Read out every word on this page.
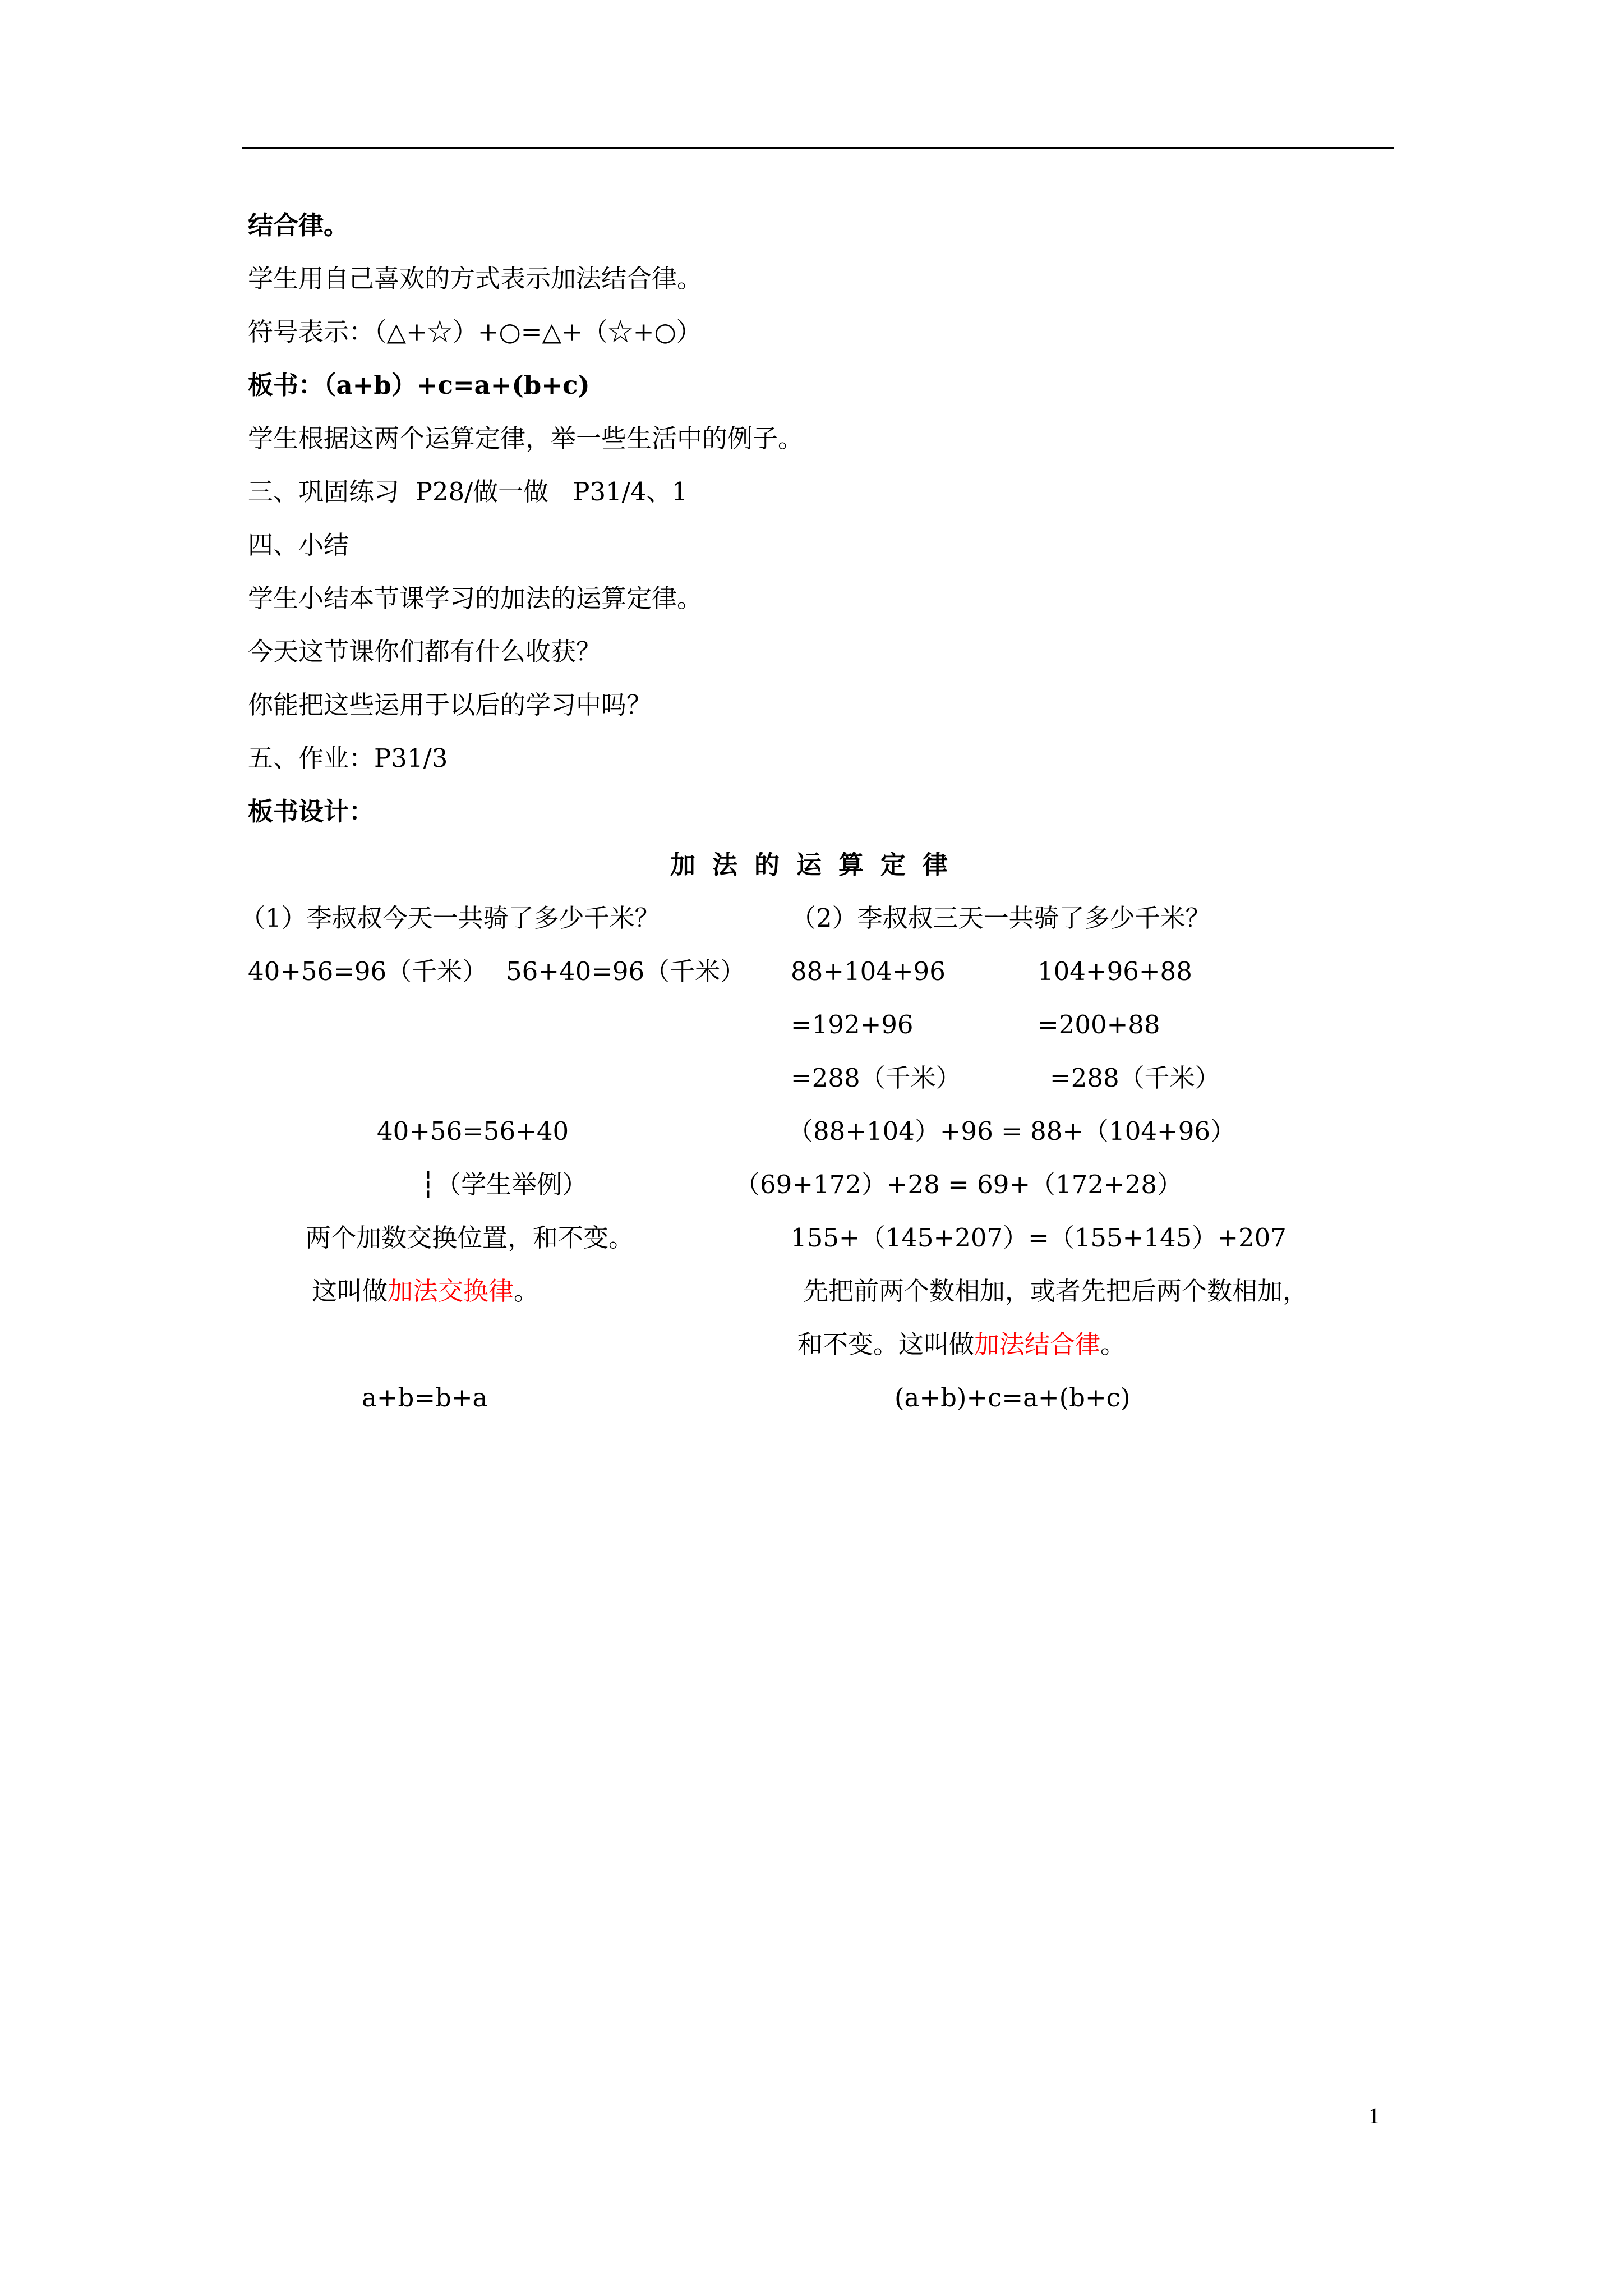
结合律。
学生用自己喜欢的方式表示加法结合律。
符号表示：（△+☆）+○=△+（☆+○）
板书：（a+b）+c=a+(b+c)
学生根据这两个运算定律，举一些生活中的例子。
三、巩固练习  P28/做一做   P31/4、1
四、小结
学生小结本节课学习的加法的运算定律。
今天这节课你们都有什么收获？
你能把这些运用于以后的学习中吗？
五、作业：P31/3
板书设计：
加法的运算定律
（1）李叔叔今天一共骑了多少千米？	（2）李叔叔三天一共骑了多少千米？
40+56=96（千米） 56+40=96（千米） 88+104+96	104+96+88
=192+96	=200+88
=288（千米）	=288（千米）
40+56=56+40	（88+104）+96 = 88+（104+96）
┆（学生举例）	（69+172）+28 = 69+（172+28）
两个加数交换位置，和不变。	155+（145+207）=（155+145）+207
这叫做加法交换律。	先把前两个数相加，或者先把后两个数相加，
和不变。这叫做加法结合律。
a+b=b+a	(a+b)+c=a+(b+c)
1
